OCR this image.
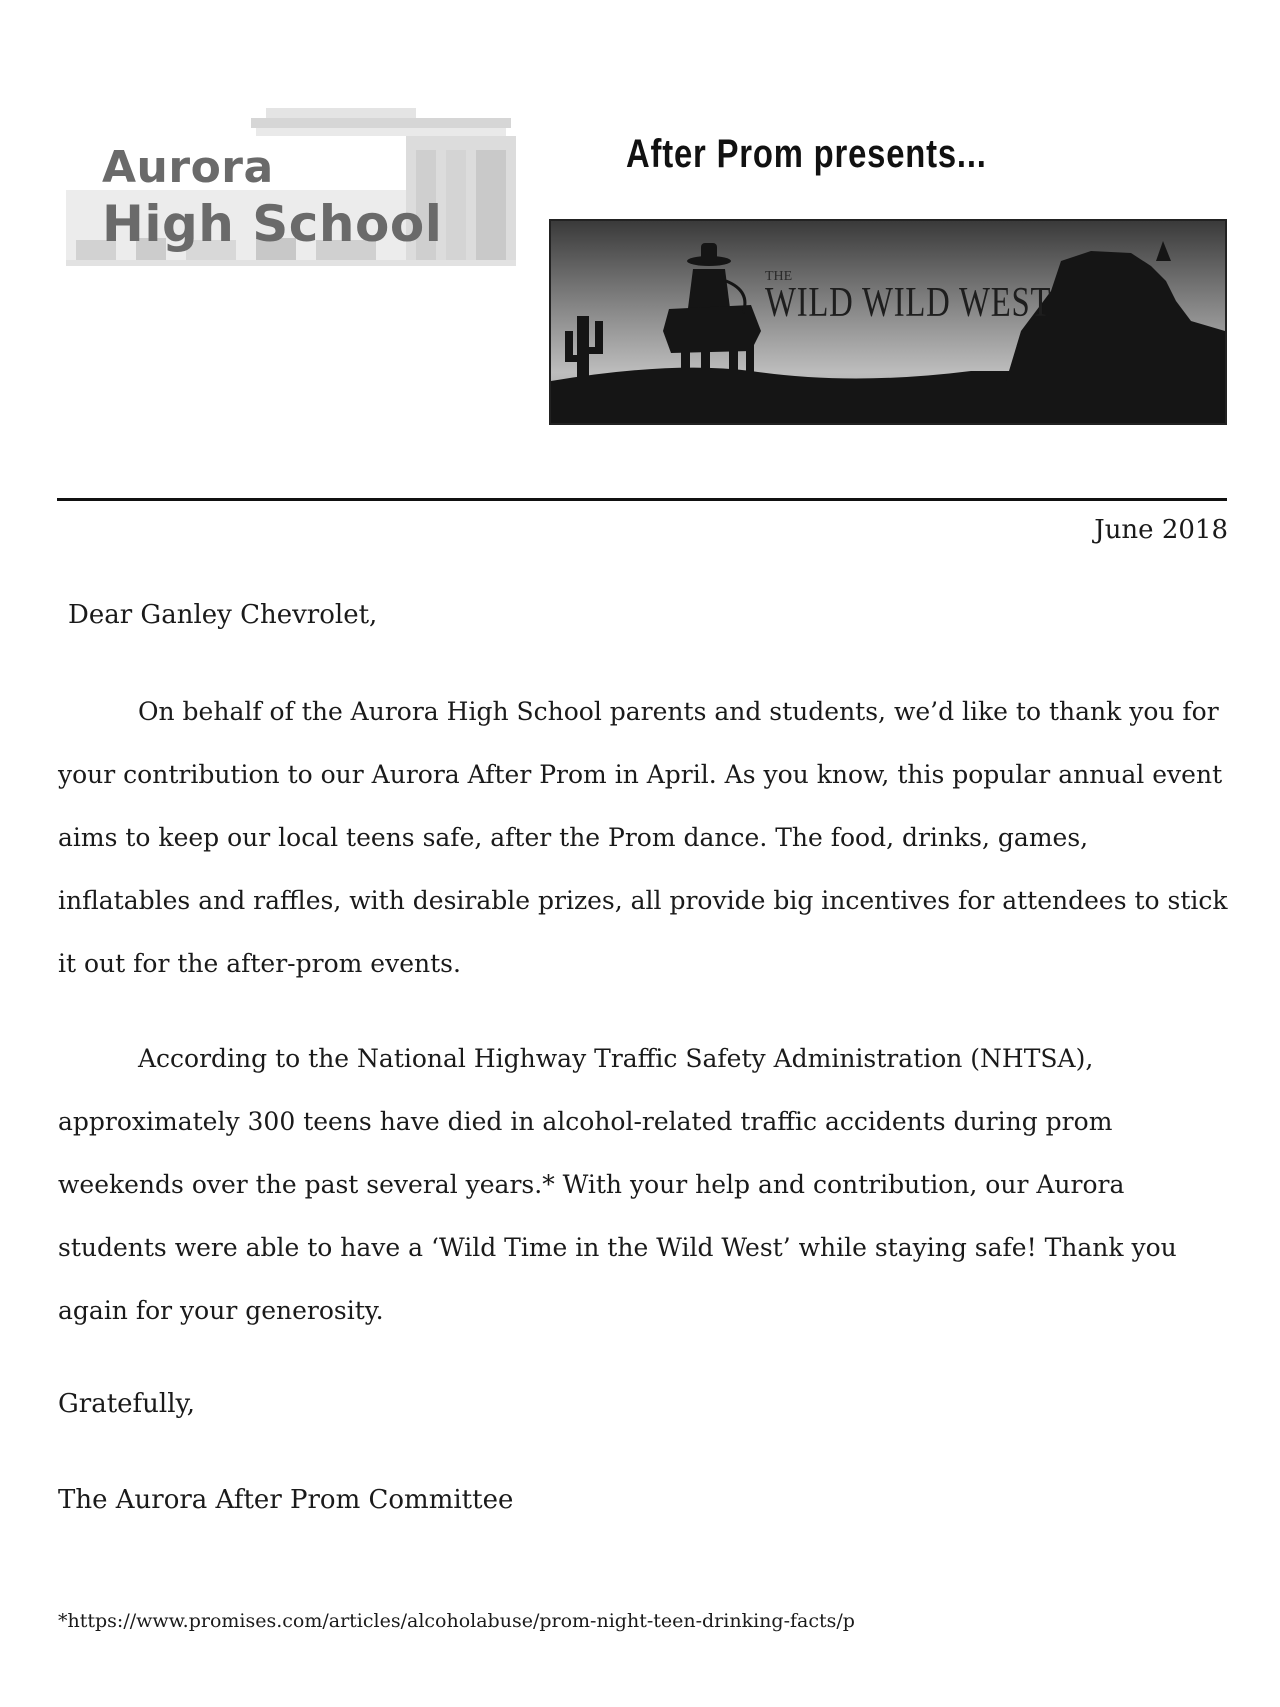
Aurora
High School
After Prom presents...
THE
WILD WILD WEST
June 2018
Dear Ganley Chevrolet,

On behalf of the Aurora High School parents and students, we’d like to thank you for your contribution to our Aurora After Prom in April. As you know, this popular annual event aims to keep our local teens safe, after the Prom dance. The food, drinks, games, inflatables and raffles, with desirable prizes, all provide big incentives for attendees to stick it out for the after-prom events.

According to the National Highway Traffic Safety Administration (NHTSA), approximately 300 teens have died in alcohol-related traffic accidents during prom weekends over the past several years.* With your help and contribution, our Aurora students were able to have a ‘Wild Time in the Wild West’ while staying safe! Thank you again for your generosity.

Gratefully,
The Aurora After Prom Committee
*https://www.promises.com/articles/alcoholabuse/prom-night-teen-drinking-facts/p
